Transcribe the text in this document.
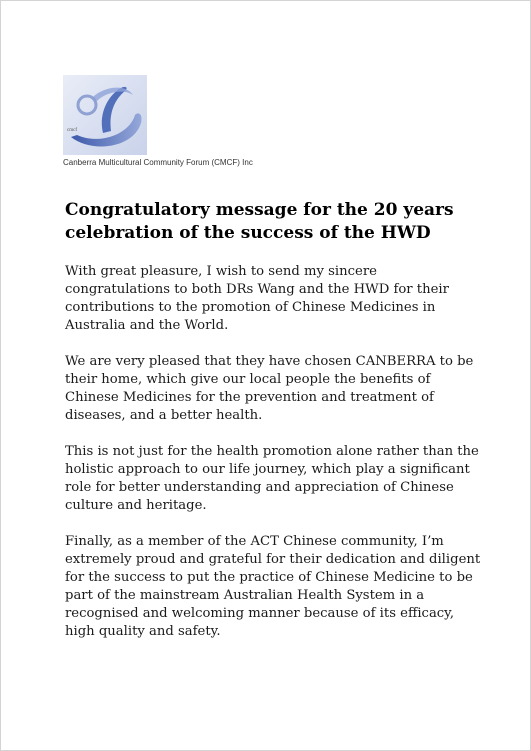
cmcf
Canberra Multicultural Community Forum (CMCF) Inc
Congratulatory message for the 20 years celebration of the success of the HWD

With great pleasure, I wish to send my sincere congratulations to both DRs Wang and the HWD for their contributions to the promotion of Chinese Medicines in Australia and the World.

We are very pleased that they have chosen CANBERRA to be their home, which give our local people the benefits of Chinese Medicines for the prevention and treatment of diseases, and a better health.

This is not just for the health promotion alone rather than the holistic approach to our life journey, which play a significant role for better understanding and appreciation of Chinese culture and heritage.

Finally, as a member of the ACT Chinese community, I’m extremely proud and grateful for their dedication and diligent for the success to put the practice of Chinese Medicine to be part of the mainstream Australian Health System in a recognised and welcoming manner because of its efficacy, high quality and safety.
